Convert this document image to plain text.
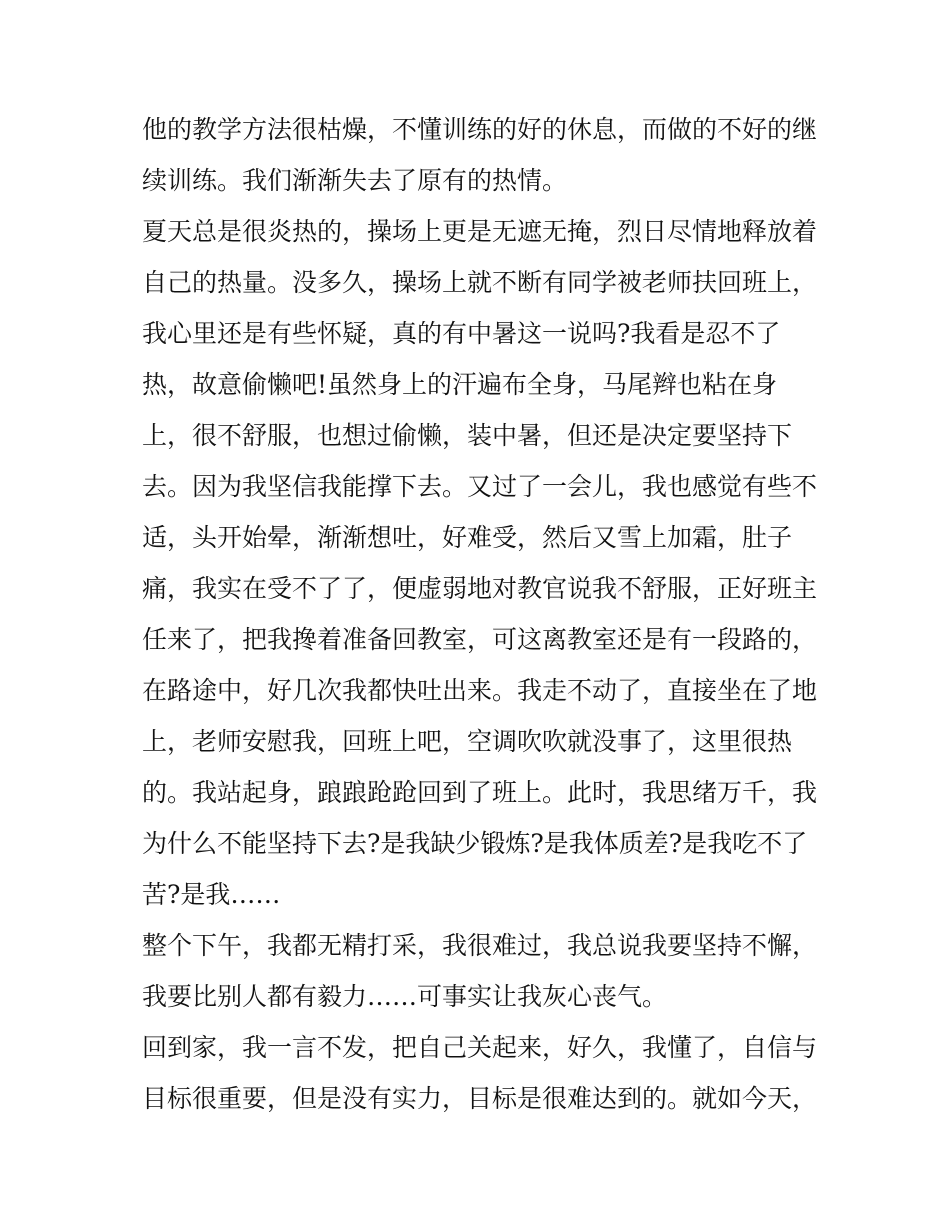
他的教学方法很枯燥，不懂训练的好的休息，而做的不好的继
续训练。我们渐渐失去了原有的热情。
夏天总是很炎热的，操场上更是无遮无掩，烈日尽情地释放着
自己的热量。没多久，操场上就不断有同学被老师扶回班上，
我心里还是有些怀疑，真的有中暑这一说吗?我看是忍不了
热，故意偷懒吧!虽然身上的汗遍布全身，马尾辫也粘在身
上，很不舒服，也想过偷懒，装中暑，但还是决定要坚持下
去。因为我坚信我能撑下去。又过了一会儿，我也感觉有些不
适，头开始晕，渐渐想吐，好难受，然后又雪上加霜，肚子
痛，我实在受不了了，便虚弱地对教官说我不舒服，正好班主
任来了，把我搀着准备回教室，可这离教室还是有一段路的，
在路途中，好几次我都快吐出来。我走不动了，直接坐在了地
上，老师安慰我，回班上吧，空调吹吹就没事了，这里很热
的。我站起身，踉踉跄跄回到了班上。此时，我思绪万千，我
为什么不能坚持下去?是我缺少锻炼?是我体质差?是我吃不了
苦?是我……
整个下午，我都无精打采，我很难过，我总说我要坚持不懈，
我要比别人都有毅力……可事实让我灰心丧气。
回到家，我一言不发，把自己关起来，好久，我懂了，自信与
目标很重要，但是没有实力，目标是很难达到的。就如今天，
